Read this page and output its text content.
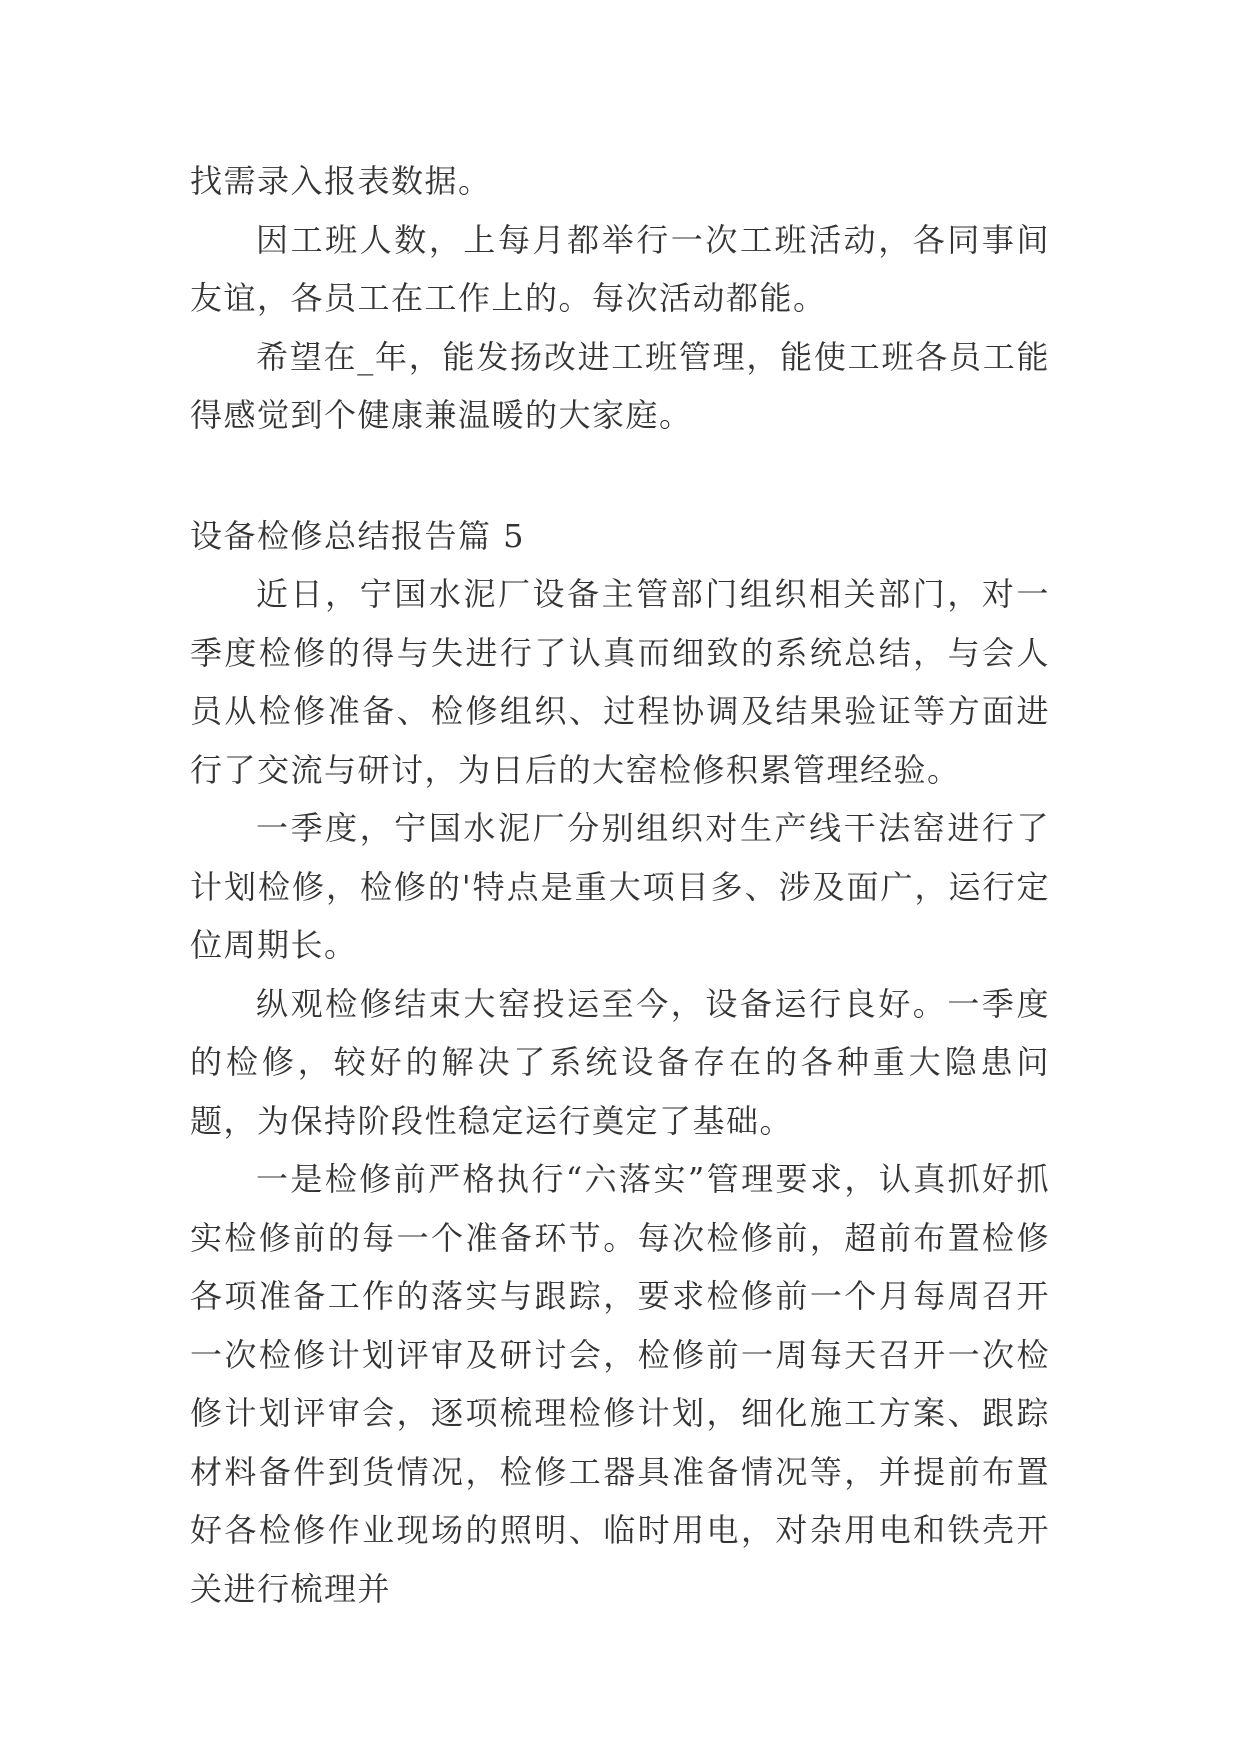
找需录入报表数据。

因工班人数，上每月都举行一次工班活动，各同事间友谊，各员工在工作上的。每次活动都能。

希望在_年，能发扬改进工班管理，能使工班各员工能得感觉到个健康兼温暖的大家庭。

设备检修总结报告篇 5

近日，宁国水泥厂设备主管部门组织相关部门，对一季度检修的得与失进行了认真而细致的系统总结，与会人员从检修准备、检修组织、过程协调及结果验证等方面进行了交流与研讨，为日后的大窑检修积累管理经验。

一季度，宁国水泥厂分别组织对生产线干法窑进行了计划检修，检修的'特点是重大项目多、涉及面广，运行定位周期长。

纵观检修结束大窑投运至今，设备运行良好。一季度的检修，较好的解决了系统设备存在的各种重大隐患问题，为保持阶段性稳定运行奠定了基础。

一是检修前严格执行“六落实”管理要求，认真抓好抓实检修前的每一个准备环节。每次检修前，超前布置检修各项准备工作的落实与跟踪，要求检修前一个月每周召开一次检修计划评审及研讨会，检修前一周每天召开一次检修计划评审会，逐项梳理检修计划，细化施工方案、跟踪材料备件到货情况，检修工器具准备情况等，并提前布置好各检修作业现场的照明、临时用电，对杂用电和铁壳开关进行梳理并
